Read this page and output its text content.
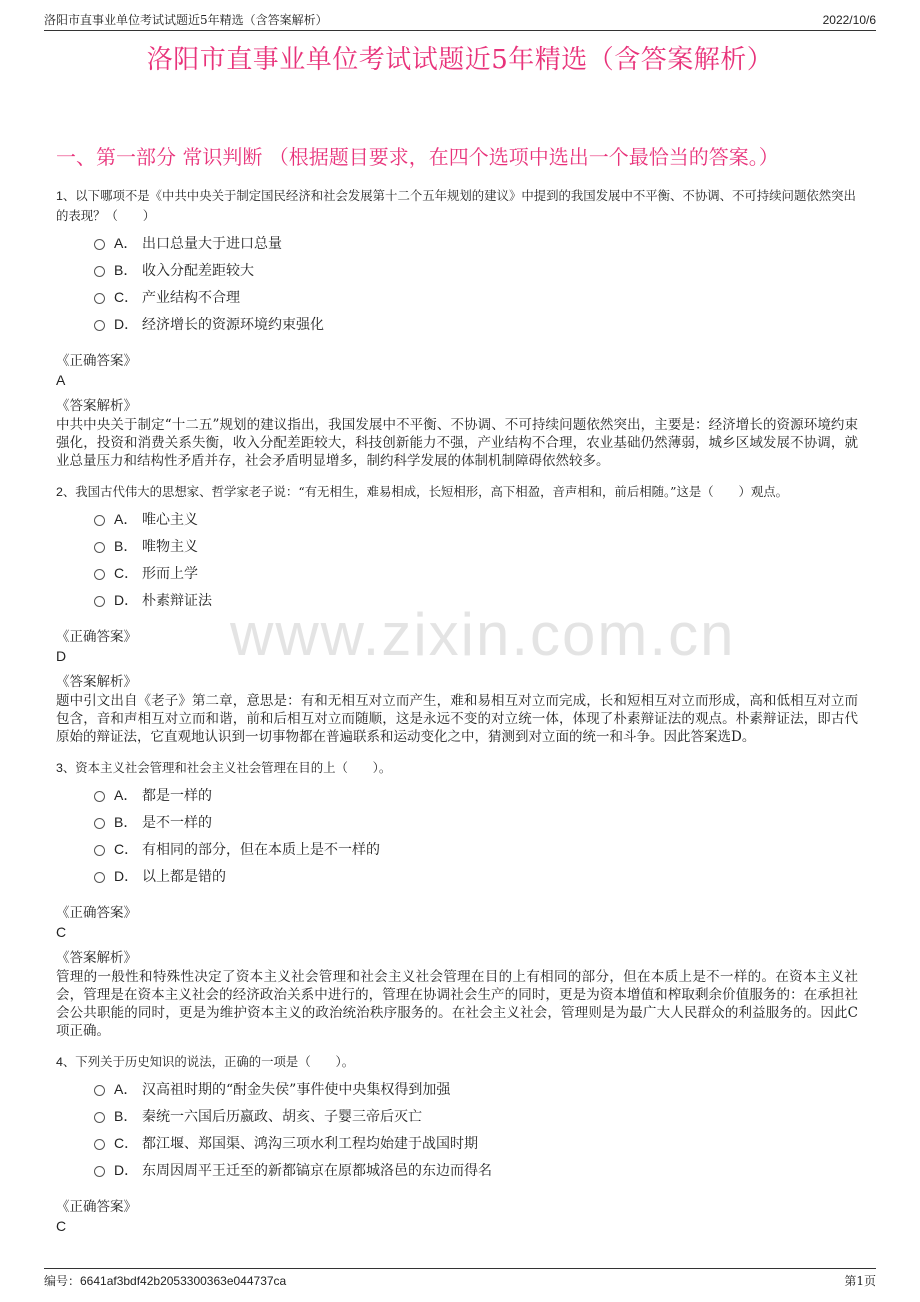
洛阳市直事业单位考试试题近5年精选（含答案解析）	2022/10/6
洛阳市直事业单位考试试题近5年精选（含答案解析）
一、第一部分 常识判断 （根据题目要求，在四个选项中选出一个最恰当的答案。）
www.zixin.com.cn
1、以下哪项不是《中共中央关于制定国民经济和社会发展第十二个五年规划的建议》中提到的我国发展中不平衡、不协调、不可持续问题依然突出的表现？（　　）
A． 出口总量大于进口总量
B． 收入分配差距较大
C． 产业结构不合理
D． 经济增长的资源环境约束强化
《正确答案》
A
《答案解析》
中共中央关于制定“十二五”规划的建议指出，我国发展中不平衡、不协调、不可持续问题依然突出，主要是：经济增长的资源环境约束强化，投资和消费关系失衡，收入分配差距较大，科技创新能力不强，产业结构不合理，农业基础仍然薄弱，城乡区域发展不协调，就业总量压力和结构性矛盾并存，社会矛盾明显增多，制约科学发展的体制机制障碍依然较多。
2、我国古代伟大的思想家、哲学家老子说：“有无相生，难易相成，长短相形，高下相盈，音声相和，前后相随。”这是（　　）观点。
A． 唯心主义
B． 唯物主义
C． 形而上学
D． 朴素辩证法
《正确答案》
D
《答案解析》
题中引文出自《老子》第二章，意思是：有和无相互对立而产生，难和易相互对立而完成，长和短相互对立而形成，高和低相互对立而包含，音和声相互对立而和谐，前和后相互对立而随顺，这是永远不变的对立统一体，体现了朴素辩证法的观点。朴素辩证法，即古代原始的辩证法，它直观地认识到一切事物都在普遍联系和运动变化之中，猜测到对立面的统一和斗争。因此答案选D。
3、资本主义社会管理和社会主义社会管理在目的上（　　）。
A． 都是一样的
B． 是不一样的
C． 有相同的部分，但在本质上是不一样的
D． 以上都是错的
《正确答案》
C
《答案解析》
管理的一般性和特殊性决定了资本主义社会管理和社会主义社会管理在目的上有相同的部分，但在本质上是不一样的。在资本主义社会，管理是在资本主义社会的经济政治关系中进行的，管理在协调社会生产的同时，更是为资本增值和榨取剩余价值服务的：在承担社会公共职能的同时，更是为维护资本主义的政治统治秩序服务的。在社会主义社会，管理则是为最广大人民群众的利益服务的。因此C项正确。
4、下列关于历史知识的说法，正确的一项是（　　）。
A． 汉高祖时期的“酎金失侯”事件使中央集权得到加强
B． 秦统一六国后历嬴政、胡亥、子婴三帝后灭亡
C． 都江堰、郑国渠、鸿沟三项水利工程均始建于战国时期
D． 东周因周平王迁至的新都镐京在原都城洛邑的东边而得名
《正确答案》
C
编号：6641af3bdf42b2053300363e044737ca	第1页
